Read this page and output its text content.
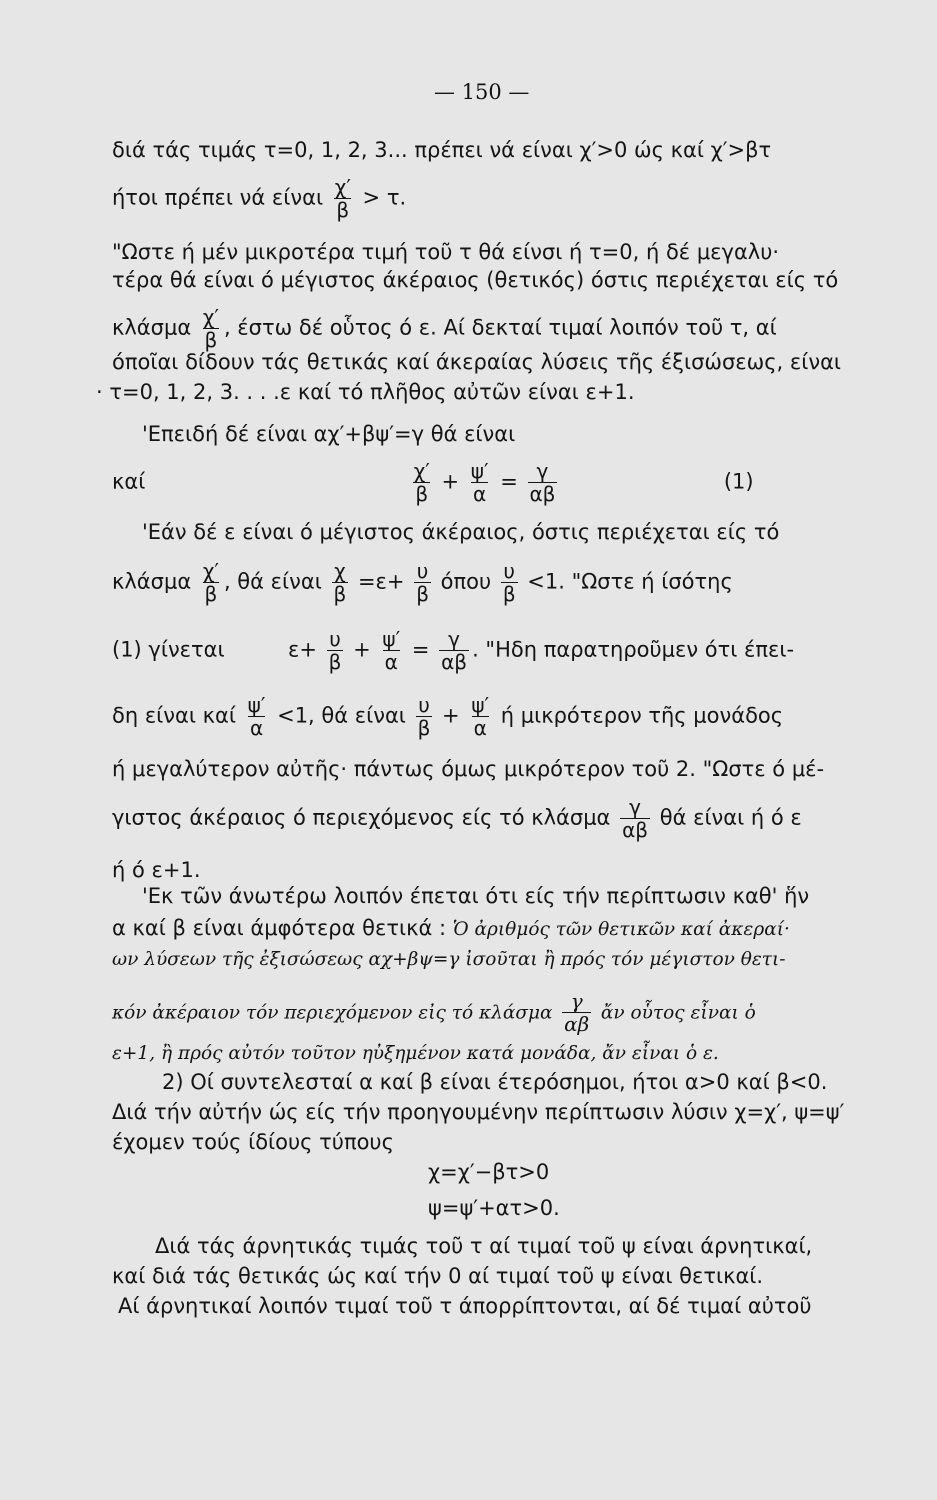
— 150 —
διά τάς τιμάς τ=0, 1, 2, 3... πρέπει νά είναι χ′>0 ώς καί χ′>βτ
ήτοι πρέπει νά είναι $\frac{\chi'}{\beta} > \tau$.
"Ωστε ή μέν μικροτέρα τιμή τοῦ τ θά είνσι ή τ=0, ή δέ μεγαλυ·
τέρα θά είναι ό μέγιστος άκέραιος (θετικός) όστις περιέχεται είς τό
κλάσμα $\frac{\chi'}{\beta}$ , έστω δέ οὗτος ό ε. Αί δεκταί τιμαί λοιπόν τοῦ τ, αί
όποῖαι δίδουν τάς θετικάς καί άκεραίας λύσεις τῆς έξισώσεως, είναι
· τ=0, 1, 2, 3. . . .ε καί τό πλῆθος αὐτῶν είναι ε+1.
'Επειδή δέ είναι αχ′+βψ′=γ θά είναι
καί	$\frac{\chi'}{\beta} + \frac{\psi'}{\alpha} = \frac{\gamma}{\alpha\beta}$	(1)
'Εάν δέ ε είναι ό μέγιστος άκέραιος, όστις περιέχεται είς τό
κλάσμα $\frac{\chi'}{\beta}$ , θά είναι $\frac{\chi}{\beta} =\varepsilon+ \frac{\upsilon}{\beta}$ όπου $\frac{\upsilon}{\beta} <1$. "Ωστε ή ίσότης
(1) γίνεται	$\varepsilon+ \frac{\upsilon}{\beta} + \frac{\psi'}{\alpha} = \frac{\gamma}{\alpha\beta}$ . "Ηδη παρατηροῦμεν ότι έπει-
δη είναι καί $\frac{\psi'}{\alpha} <1$, θά είναι $\frac{\upsilon}{\beta} + \frac{\psi'}{\alpha}$ ή μικρότερον τῆς μονάδος
ή μεγαλύτερον αὐτῆς· πάντως όμως μικρότερον τοῦ 2. "Ωστε ό μέ-
γιστος άκέραιος ό περιεχόμενος είς τό κλάσμα $\frac{\gamma}{\alpha\beta}$ θά είναι ή ό ε
ή ό ε+1.
'Εκ τῶν άνωτέρω λοιπόν έπεται ότι είς τήν περίπτωσιν καθ' ἥν
α καί β είναι άμφότερα θετικά : Ὁ ἀριθμός τῶν θετικῶν καί ἀκεραί·
ων λύσεων τῆς ἐξισώσεως αχ+βψ=γ ἰσοῦται ἢ πρός τόν μέγιστον θετι-
κόν ἀκέραιον τόν περιεχόμενον εἰς τό κλάσμα $\frac{\gamma}{\alpha\beta}$ ἄν οὗτος εἶναι ὁ
ε+1, ἢ πρός αὐτόν τοῦτον ηὐξημένον κατά μονάδα, ἄν εἶναι ὁ ε.
2) Οί συντελεσταί α καί β είναι έτερόσημοι, ήτοι α>0 καί β<0.
Διά τήν αὐτήν ώς είς τήν προηγουμένην περίπτωσιν λύσιν χ=χ′, ψ=ψ′
έχομεν τούς ίδίους τύπους
χ=χ′−βτ>0
ψ=ψ′+ατ>0.
Διά τάς άρνητικάς τιμάς τοῦ τ αί τιμαί τοῦ ψ είναι άρνητικαί,
καί διά τάς θετικάς ώς καί τήν 0 αί τιμαί τοῦ ψ είναι θετικαί.
Αί άρνητικαί λοιπόν τιμαί τοῦ τ άπορρίπτονται, αί δέ τιμαί αὐτοῦ
